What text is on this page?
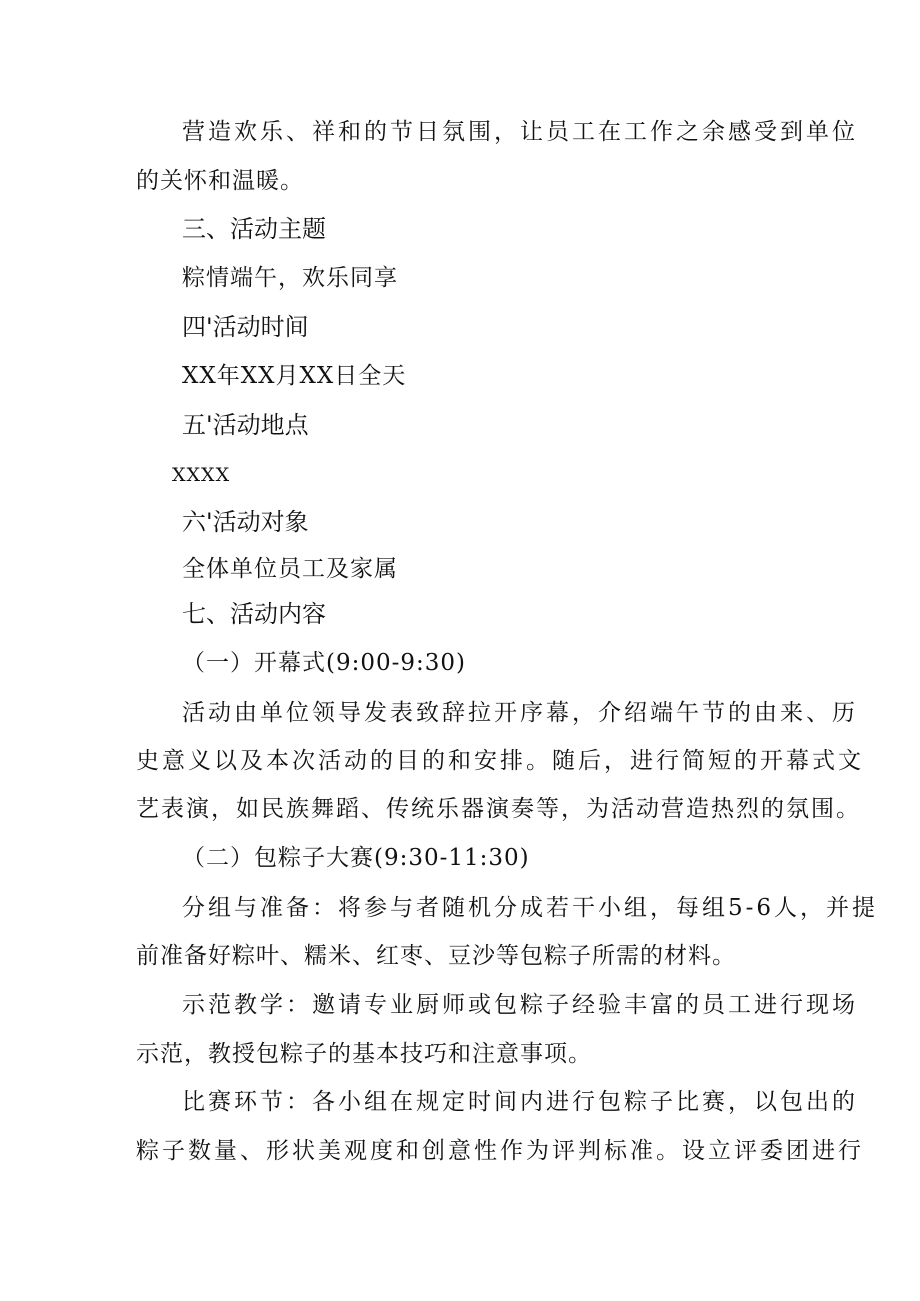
营造欢乐、祥和的节日氛围，让员工在工作之余感受到单位
的关怀和温暖。
三、活动主题
粽情端午，欢乐同享
四'活动时间
XX年XX月XX日全天
五'活动地点
XXXX
六'活动对象
全体单位员工及家属
七、活动内容
（一）开幕式(9:00-9:30)
活动由单位领导发表致辞拉开序幕，介绍端午节的由来、历
史意义以及本次活动的目的和安排。随后，进行简短的开幕式文
艺表演，如民族舞蹈、传统乐器演奏等，为活动营造热烈的氛围。
（二）包粽子大赛(9:30-11:30)
分组与准备：将参与者随机分成若干小组，每组5-6人，并提
前准备好粽叶、糯米、红枣、豆沙等包粽子所需的材料。
示范教学：邀请专业厨师或包粽子经验丰富的员工进行现场
示范，教授包粽子的基本技巧和注意事项。
比赛环节：各小组在规定时间内进行包粽子比赛，以包出的
粽子数量、形状美观度和创意性作为评判标准。设立评委团进行
